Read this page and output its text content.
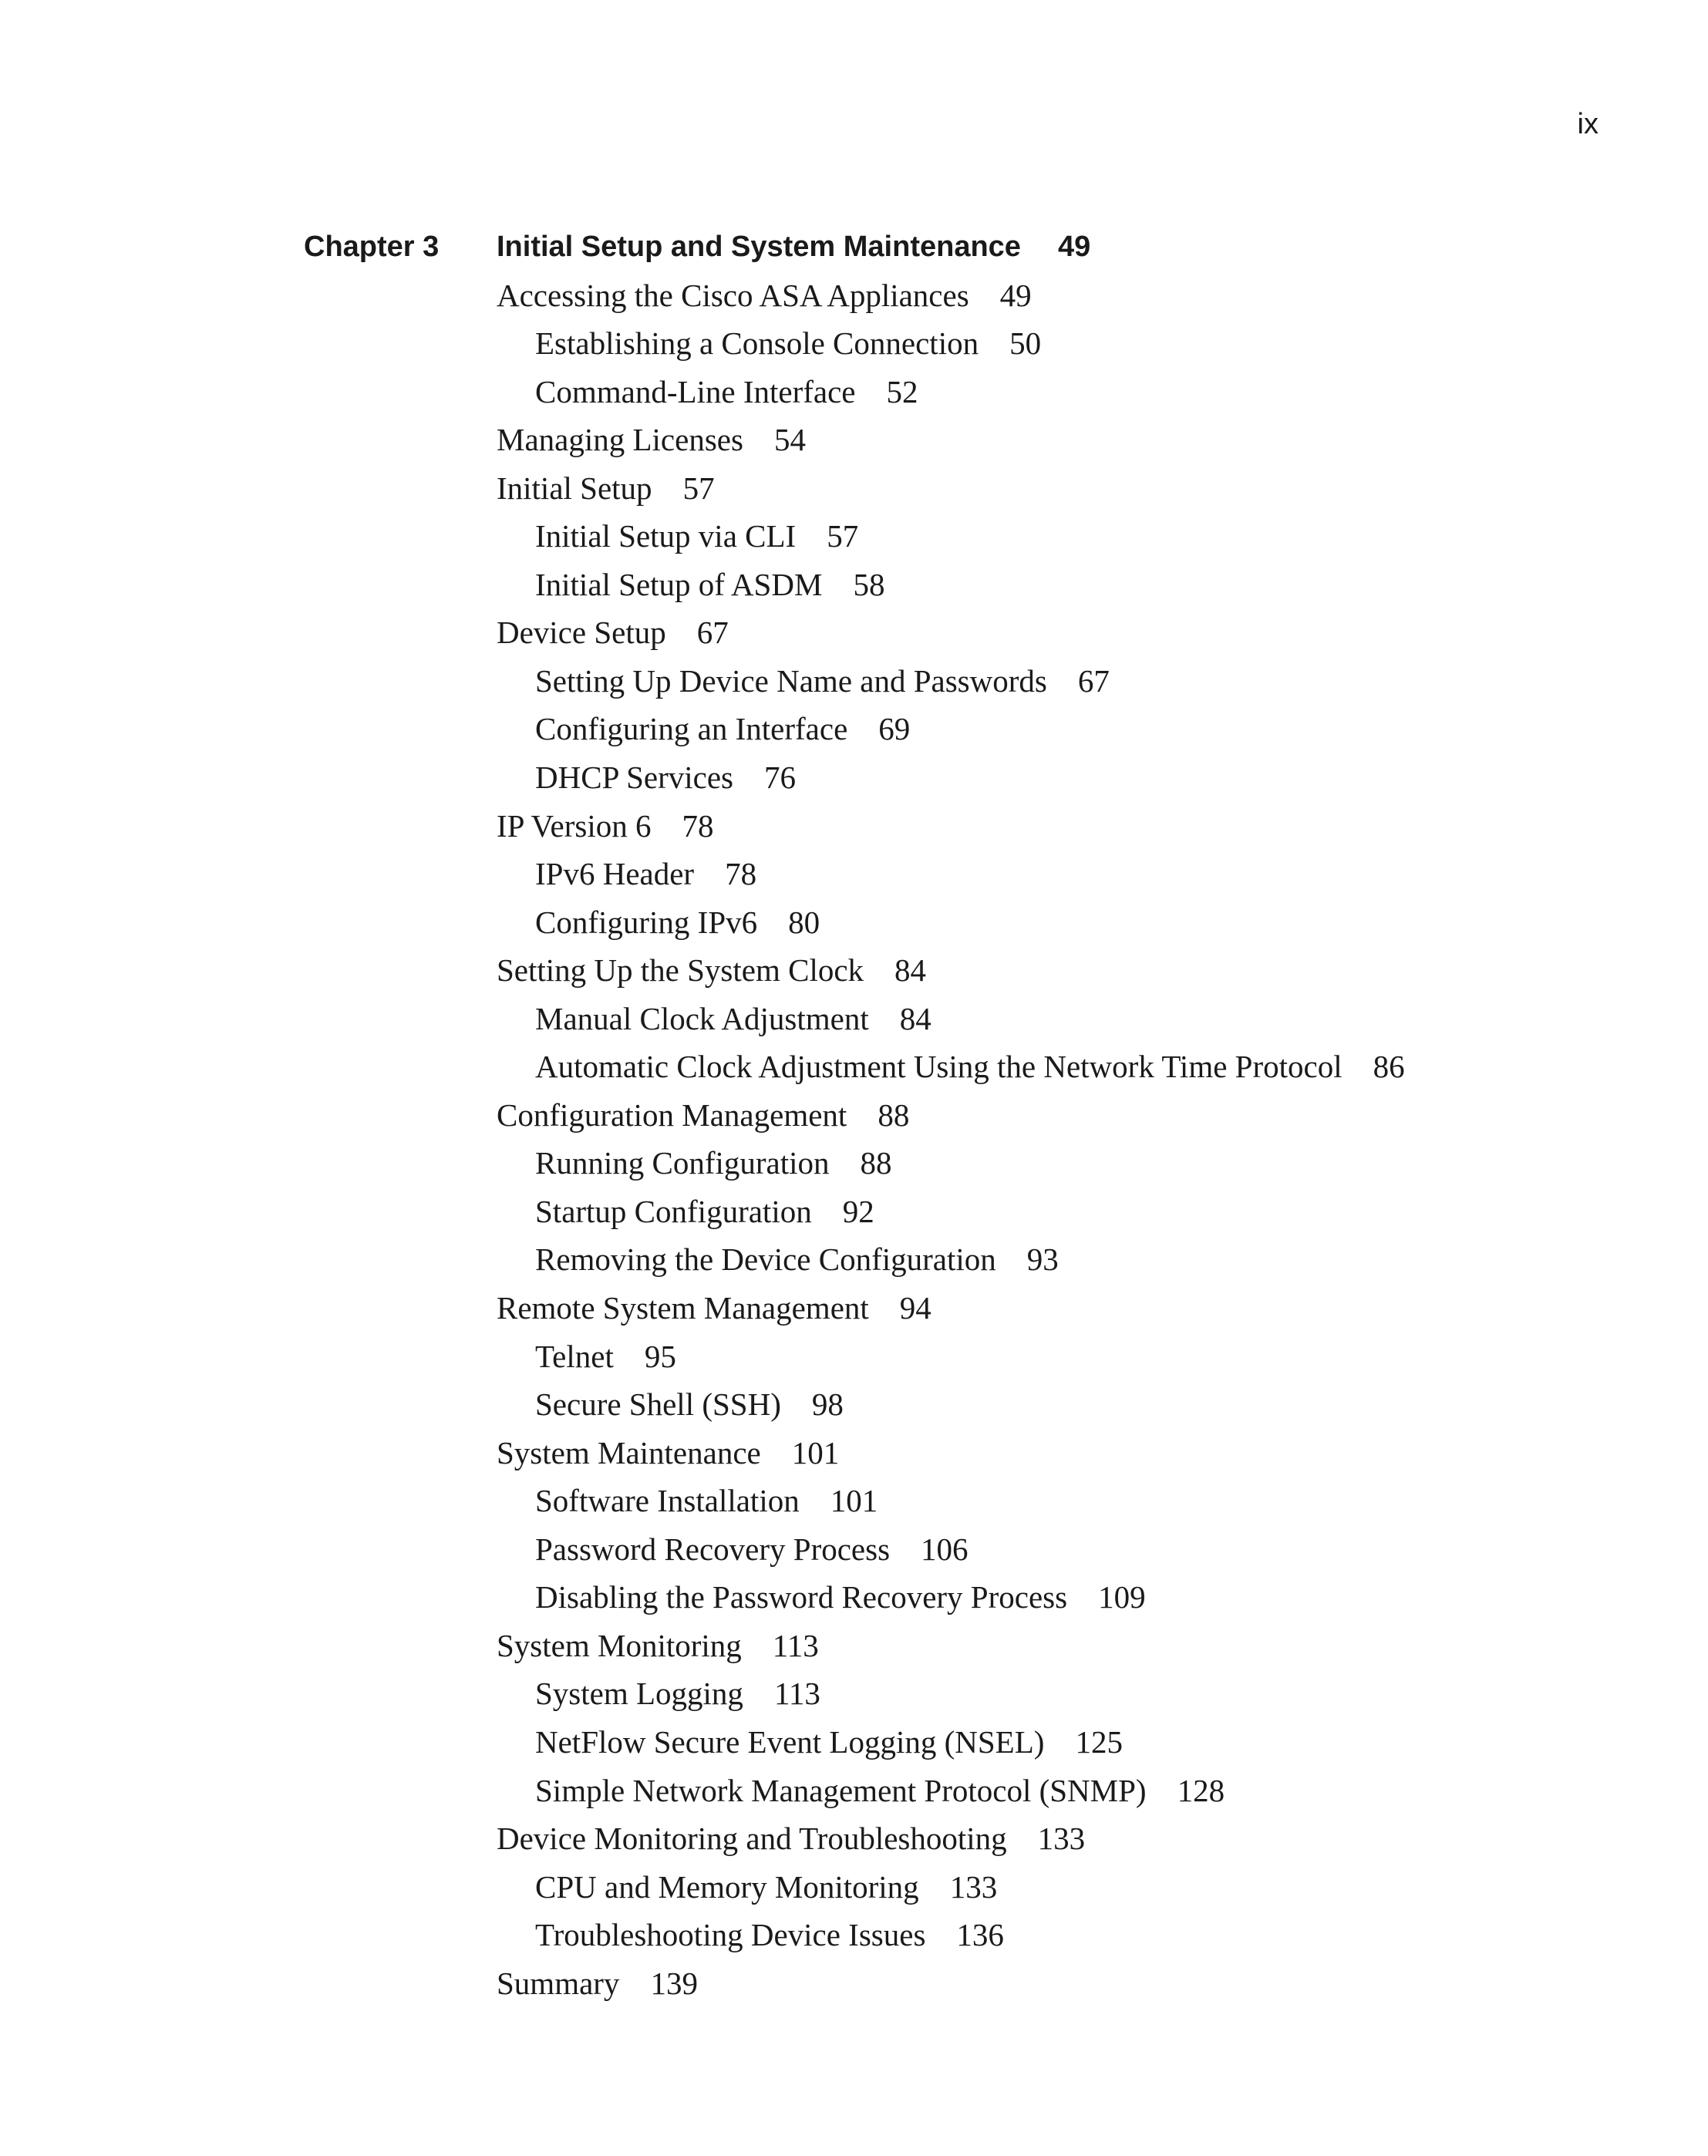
ix
Chapter 3 Initial Setup and System Maintenance 49
Accessing the Cisco ASA Appliances 49
Establishing a Console Connection 50
Command-Line Interface 52
Managing Licenses 54
Initial Setup 57
Initial Setup via CLI 57
Initial Setup of ASDM 58
Device Setup 67
Setting Up Device Name and Passwords 67
Configuring an Interface 69
DHCP Services 76
IP Version 6 78
IPv6 Header 78
Configuring IPv6 80
Setting Up the System Clock 84
Manual Clock Adjustment 84
Automatic Clock Adjustment Using the Network Time Protocol 86
Configuration Management 88
Running Configuration 88
Startup Configuration 92
Removing the Device Configuration 93
Remote System Management 94
Telnet 95
Secure Shell (SSH) 98
System Maintenance 101
Software Installation 101
Password Recovery Process 106
Disabling the Password Recovery Process 109
System Monitoring 113
System Logging 113
NetFlow Secure Event Logging (NSEL) 125
Simple Network Management Protocol (SNMP) 128
Device Monitoring and Troubleshooting 133
CPU and Memory Monitoring 133
Troubleshooting Device Issues 136
Summary 139
